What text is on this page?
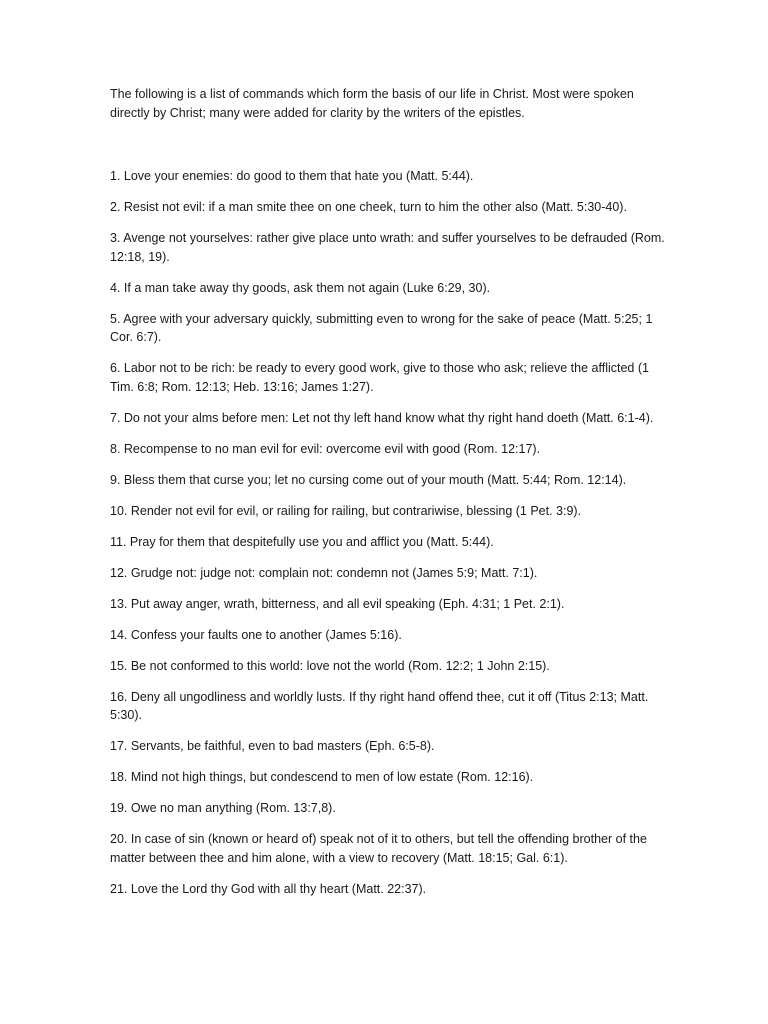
The following is a list of commands which form the basis of our life in Christ. Most were spoken directly by Christ; many were added for clarity by the writers of the epistles.

1. Love your enemies: do good to them that hate you (Matt. 5:44).

2. Resist not evil: if a man smite thee on one cheek, turn to him the other also (Matt. 5:30-40).

3. Avenge not yourselves: rather give place unto wrath: and suffer yourselves to be defrauded (Rom. 12:18, 19).

4. If a man take away thy goods, ask them not again (Luke 6:29, 30).

5. Agree with your adversary quickly, submitting even to wrong for the sake of peace (Matt. 5:25; 1 Cor. 6:7).

6. Labor not to be rich: be ready to every good work, give to those who ask; relieve the afflicted (1 Tim. 6:8; Rom. 12:13; Heb. 13:16; James 1:27).

7. Do not your alms before men: Let not thy left hand know what thy right hand doeth (Matt. 6:1-4).

8. Recompense to no man evil for evil: overcome evil with good (Rom. 12:17).

9. Bless them that curse you; let no cursing come out of your mouth (Matt. 5:44; Rom. 12:14).

10. Render not evil for evil, or railing for railing, but contrariwise, blessing (1 Pet. 3:9).

11. Pray for them that despitefully use you and afflict you (Matt. 5:44).

12. Grudge not: judge not: complain not: condemn not (James 5:9; Matt. 7:1).

13. Put away anger, wrath, bitterness, and all evil speaking (Eph. 4:31; 1 Pet. 2:1).

14. Confess your faults one to another (James 5:16).

15. Be not conformed to this world: love not the world (Rom. 12:2; 1 John 2:15).

16. Deny all ungodliness and worldly lusts. If thy right hand offend thee, cut it off (Titus 2:13; Matt. 5:30).

17. Servants, be faithful, even to bad masters (Eph. 6:5-8).

18. Mind not high things, but condescend to men of low estate (Rom. 12:16).

19. Owe no man anything (Rom. 13:7,8).

20. In case of sin (known or heard of) speak not of it to others, but tell the offending brother of the matter between thee and him alone, with a view to recovery (Matt. 18:15; Gal. 6:1).

21. Love the Lord thy God with all thy heart (Matt. 22:37).
